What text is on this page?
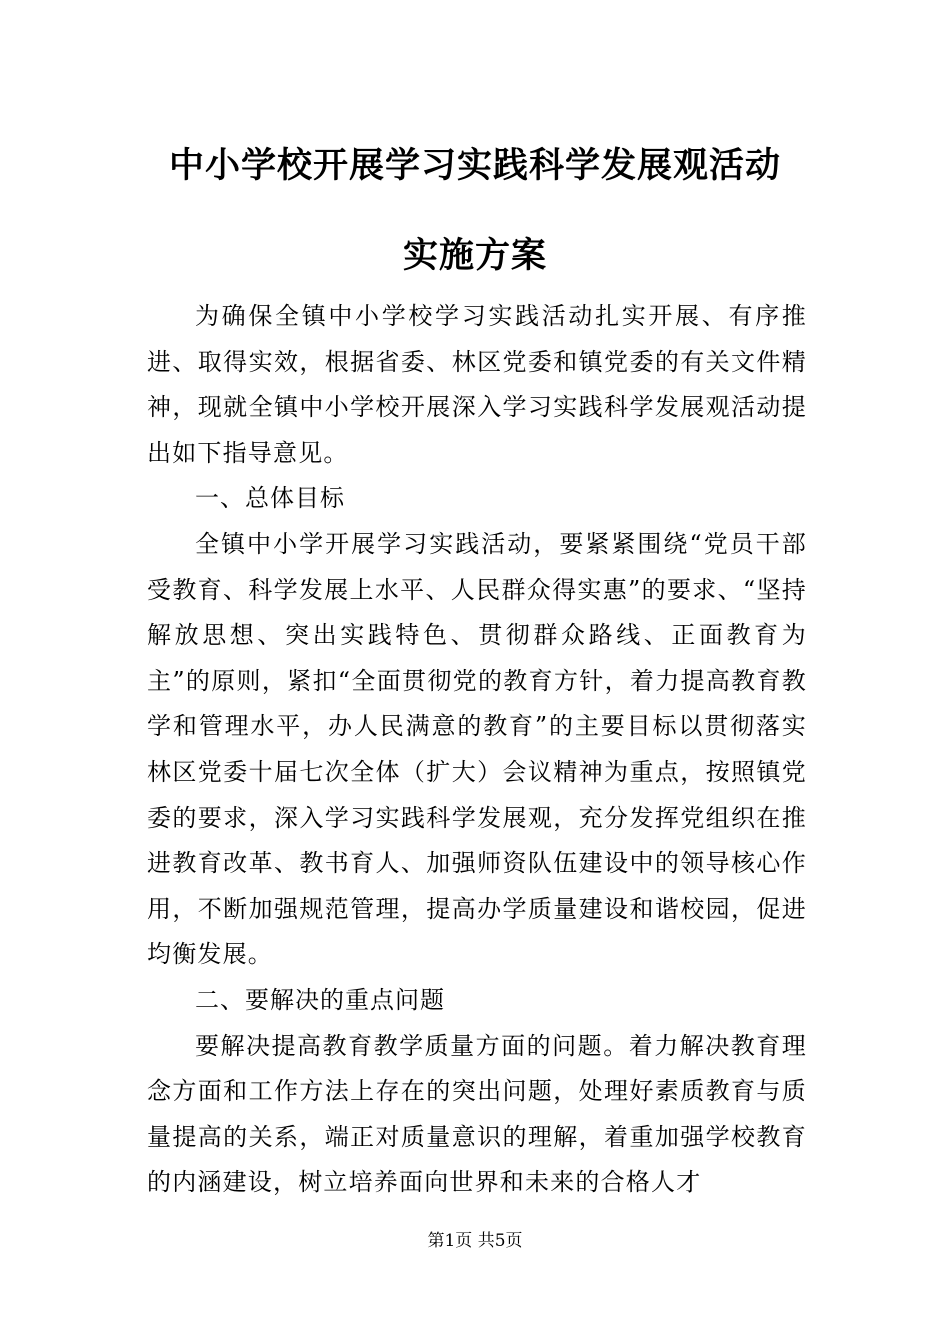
中小学校开展学习实践科学发展观活动
实施方案

为确保全镇中小学校学习实践活动扎实开展、有序推进、取得实效，根据省委、林区党委和镇党委的有关文件精神，现就全镇中小学校开展深入学习实践科学发展观活动提出如下指导意见。

一、总体目标

全镇中小学开展学习实践活动，要紧紧围绕“党员干部受教育、科学发展上水平、人民群众得实惠”的要求、“坚持解放思想、突出实践特色、贯彻群众路线、正面教育为主”的原则，紧扣“全面贯彻党的教育方针，着力提高教育教学和管理水平，办人民满意的教育”的主要目标以贯彻落实林区党委十届七次全体（扩大）会议精神为重点，按照镇党委的要求，深入学习实践科学发展观，充分发挥党组织在推进教育改革、教书育人、加强师资队伍建设中的领导核心作用，不断加强规范管理，提高办学质量建设和谐校园，促进均衡发展。

二、要解决的重点问题

要解决提高教育教学质量方面的问题。着力解决教育理念方面和工作方法上存在的突出问题，处理好素质教育与质量提高的关系，端正对质量意识的理解，着重加强学校教育的内涵建设，树立培养面向世界和未来的合格人才

第1页 共5页
